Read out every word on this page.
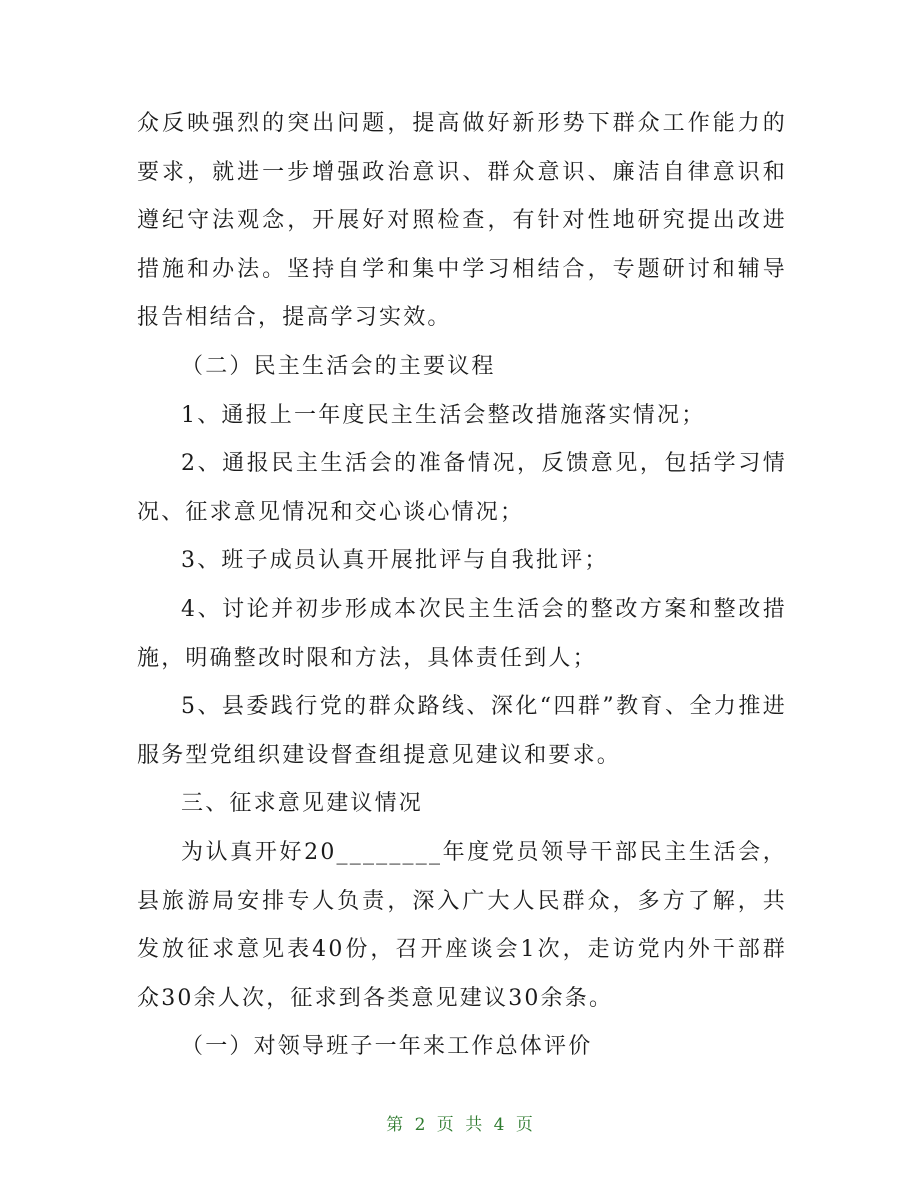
众反映强烈的突出问题，提高做好新形势下群众工作能力的要求，就进一步增强政治意识、群众意识、廉洁自律意识和遵纪守法观念，开展好对照检查，有针对性地研究提出改进措施和办法。坚持自学和集中学习相结合，专题研讨和辅导报告相结合，提高学习实效。

（二）民主生活会的主要议程

1、通报上一年度民主生活会整改措施落实情况；

2、通报民主生活会的准备情况，反馈意见，包括学习情况、征求意见情况和交心谈心情况；

3、班子成员认真开展批评与自我批评；

4、讨论并初步形成本次民主生活会的整改方案和整改措施，明确整改时限和方法，具体责任到人；

5、县委践行党的群众路线、深化“四群”教育、全力推进服务型党组织建设督查组提意见建议和要求。

三、征求意见建议情况

为认真开好20________年度党员领导干部民主生活会，县旅游局安排专人负责，深入广大人民群众，多方了解，共发放征求意见表40份，召开座谈会1次，走访党内外干部群众30余人次，征求到各类意见建议30余条。

（一）对领导班子一年来工作总体评价

第 2 页 共 4 页
